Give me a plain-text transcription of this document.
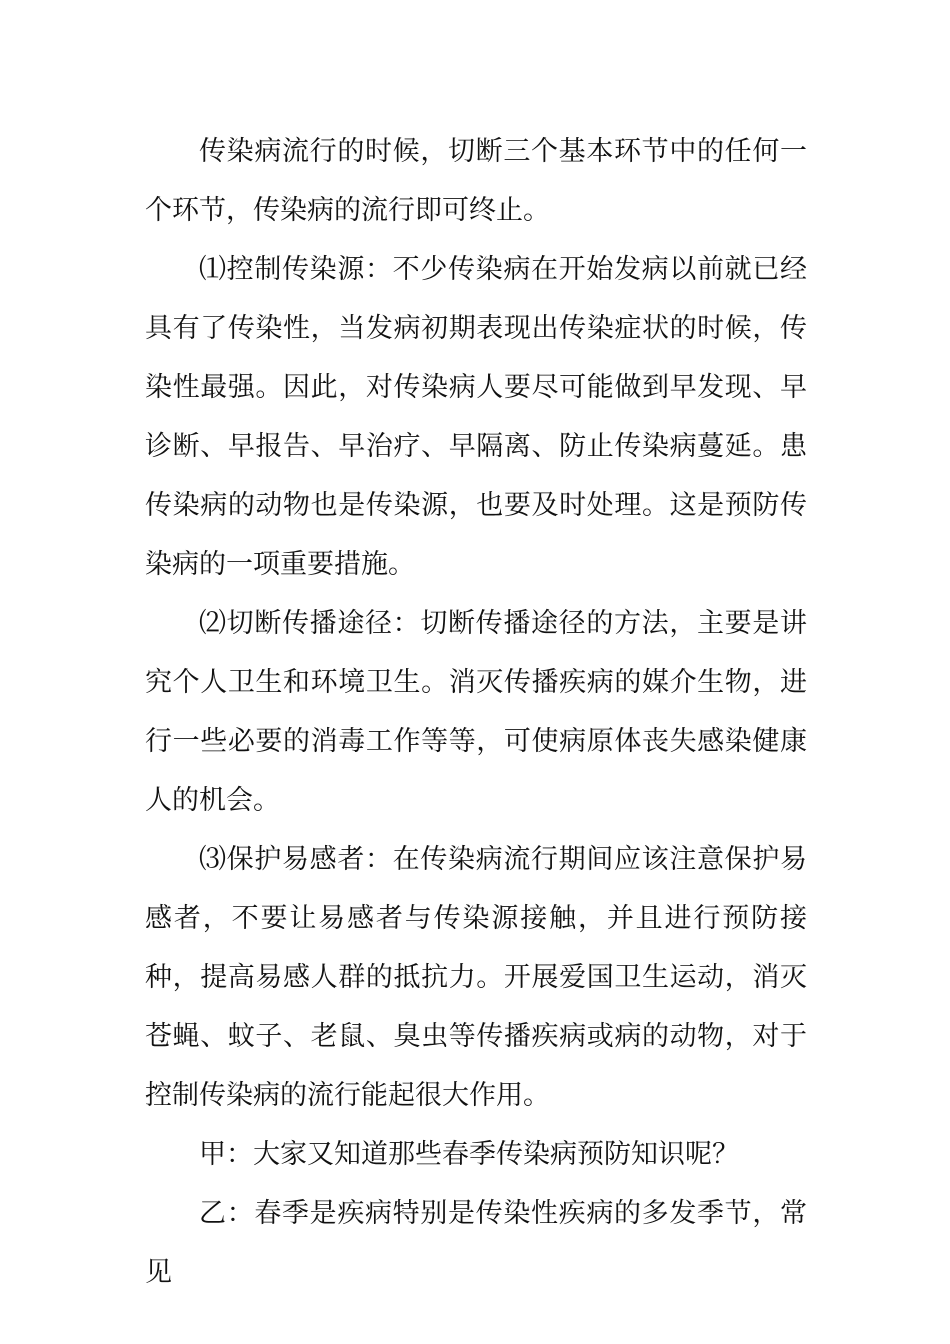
传染病流行的时候，切断三个基本环节中的任何一个环节，传染病的流行即可终止。

⑴控制传染源：不少传染病在开始发病以前就已经具有了传染性，当发病初期表现出传染症状的时候，传染性最强。因此，对传染病人要尽可能做到早发现、早诊断、早报告、早治疗、早隔离、防止传染病蔓延。患传染病的动物也是传染源，也要及时处理。这是预防传染病的一项重要措施。

⑵切断传播途径：切断传播途径的方法，主要是讲究个人卫生和环境卫生。消灭传播疾病的媒介生物，进行一些必要的消毒工作等等，可使病原体丧失感染健康人的机会。

⑶保护易感者：在传染病流行期间应该注意保护易感者，不要让易感者与传染源接触，并且进行预防接种，提高易感人群的抵抗力。开展爱国卫生运动，消灭苍蝇、蚊子、老鼠、臭虫等传播疾病或病的动物，对于控制传染病的流行能起很大作用。

甲：大家又知道那些春季传染病预防知识呢？

乙：春季是疾病特别是传染性疾病的多发季节，常见
